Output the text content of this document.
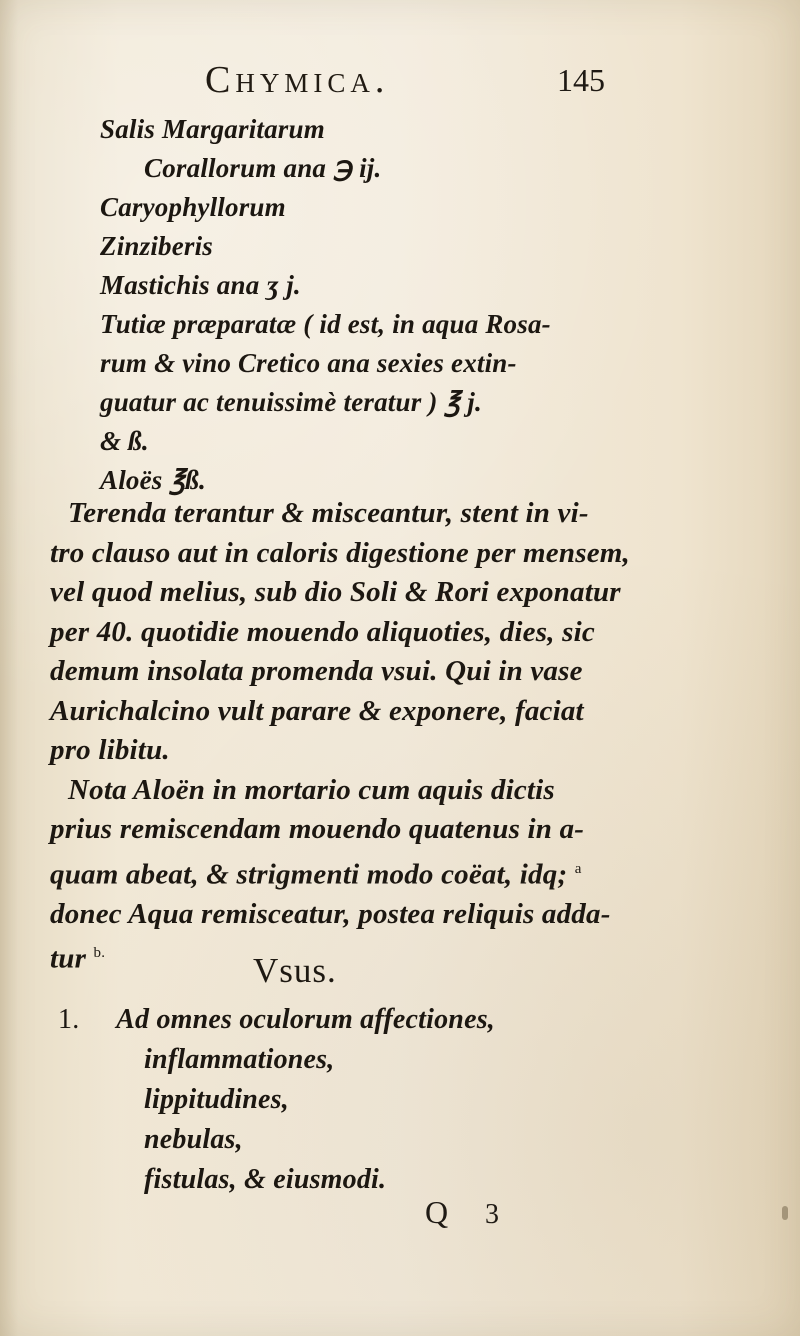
Chymica.	145
Salis Margaritarum
Corallorum ana ℈ ij.
Caryophyllorum
Zinziberis
Mastichis ana ʒ j.
Tutiæ præparatæ ( id est, in aqua Rosa-
rum & vino Cretico ana sexies extin-
guatur ac tenuissimè teratur ) ℥ j.
& ß.
Aloës ℥ß.
Terenda terantur & misceantur, stent in vi-
tro clauso aut in caloris digestione per mensem,
vel quod melius, sub dio Soli & Rori exponatur
per 40. quotidie mouendo aliquoties, dies, sic
demum insolata promenda vsui. Qui in vase
Aurichalcino vult parare & exponere, faciat
pro libitu.
Nota Aloën in mortario cum aquis dictis
prius remiscendam mouendo quatenus in a-
quam abeat, & strigmenti modo coëat, idq; $^a$
donec Aqua remisceatur, postea reliquis adda-
tur $^{b.}$	Vsus.
1. Ad omnes oculorum affectiones,
inflammationes,
lippitudines,
nebulas,
fistulas, & eiusmodi.
Q 3
